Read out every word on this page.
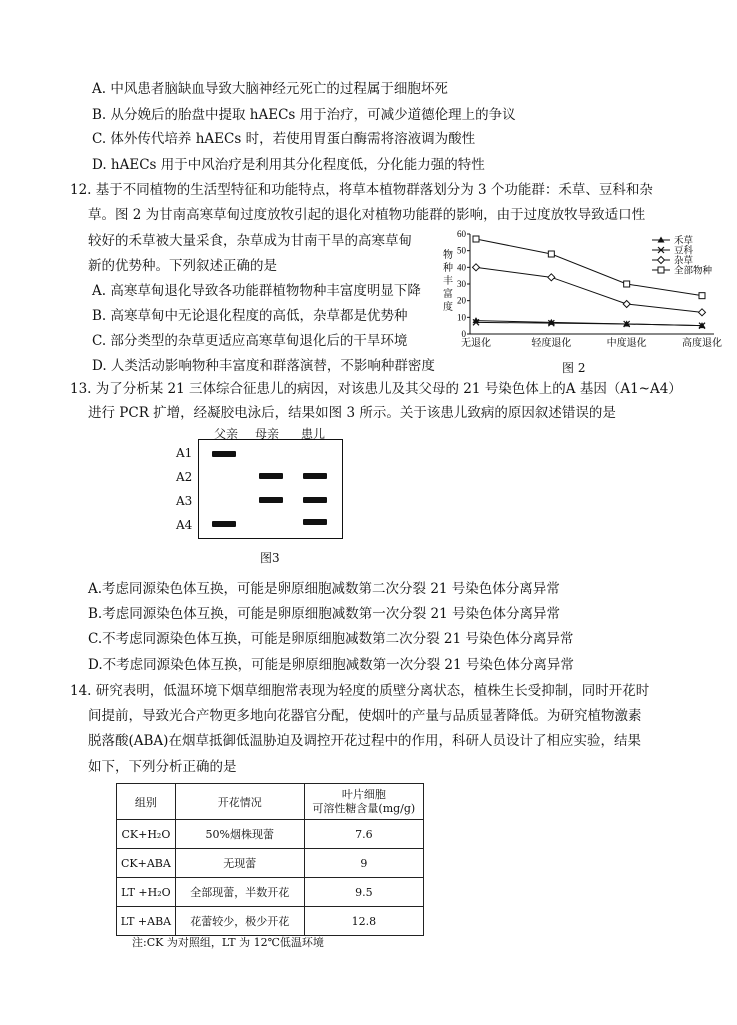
A. 中风患者脑缺血导致大脑神经元死亡的过程属于细胞坏死
B. 从分娩后的胎盘中提取 hAECs 用于治疗，可减少道德伦理上的争议
C. 体外传代培养 hAECs 时，若使用胃蛋白酶需将溶液调为酸性
D. hAECs 用于中风治疗是利用其分化程度低，分化能力强的特性
12. 基于不同植物的生活型特征和功能特点，将草本植物群落划分为 3 个功能群：禾草、豆科和杂
草。图 2 为甘南高寒草甸过度放牧引起的退化对植物功能群的影响，由于过度放牧导致适口性
较好的禾草被大量采食，杂草成为甘南干旱的高寒草甸
新的优势种。下列叙述正确的是
A. 高寒草甸退化导致各功能群植物物种丰富度明显下降
B. 高寒草甸中无论退化程度的高低，杂草都是优势种
C. 部分类型的杂草更适应高寒草甸退化后的干旱环境
D. 人类活动影响物种丰富度和群落演替，不影响种群密度
0
10
20
30
40
50
60
无退化	轻度退化	中度退化	高度退化
物
种
丰
富
度
禾草
豆科
杂草
全部物种
图 2
13. 为了分析某 21 三体综合征患儿的病因，对该患儿及其父母的 21 号染色体上的A 基因（A1~A4）
进行 PCR 扩增，经凝胶电泳后，结果如图 3 所示。关于该患儿致病的原因叙述错误的是
父亲 母亲 患儿
A1
A2
A3
A4
图3
A.考虑同源染色体互换，可能是卵原细胞减数第二次分裂 21 号染色体分离异常
B.考虑同源染色体互换，可能是卵原细胞减数第一次分裂 21 号染色体分离异常
C.不考虑同源染色体互换，可能是卵原细胞减数第二次分裂 21 号染色体分离异常
D.不考虑同源染色体互换，可能是卵原细胞减数第一次分裂 21 号染色体分离异常
14. 研究表明，低温环境下烟草细胞常表现为轻度的质壁分离状态，植株生长受抑制，同时开花时
间提前，导致光合产物更多地向花器官分配，使烟叶的产量与品质显著降低。为研究植物激素
脱落酸(ABA)在烟草抵御低温胁迫及调控开花过程中的作用，科研人员设计了相应实验，结果
如下，下列分析正确的是
组别	开花情况	叶片细胞
可溶性糖含量(mg/g)

CK+H₂O	50%烟株现蕾	7.6
CK+ABA	无现蕾	9
LT +H₂O	全部现蕾，半数开花	9.5
LT +ABA	花蕾较少，极少开花	12.8
注:CK 为对照组，LT 为 12℃低温环境
